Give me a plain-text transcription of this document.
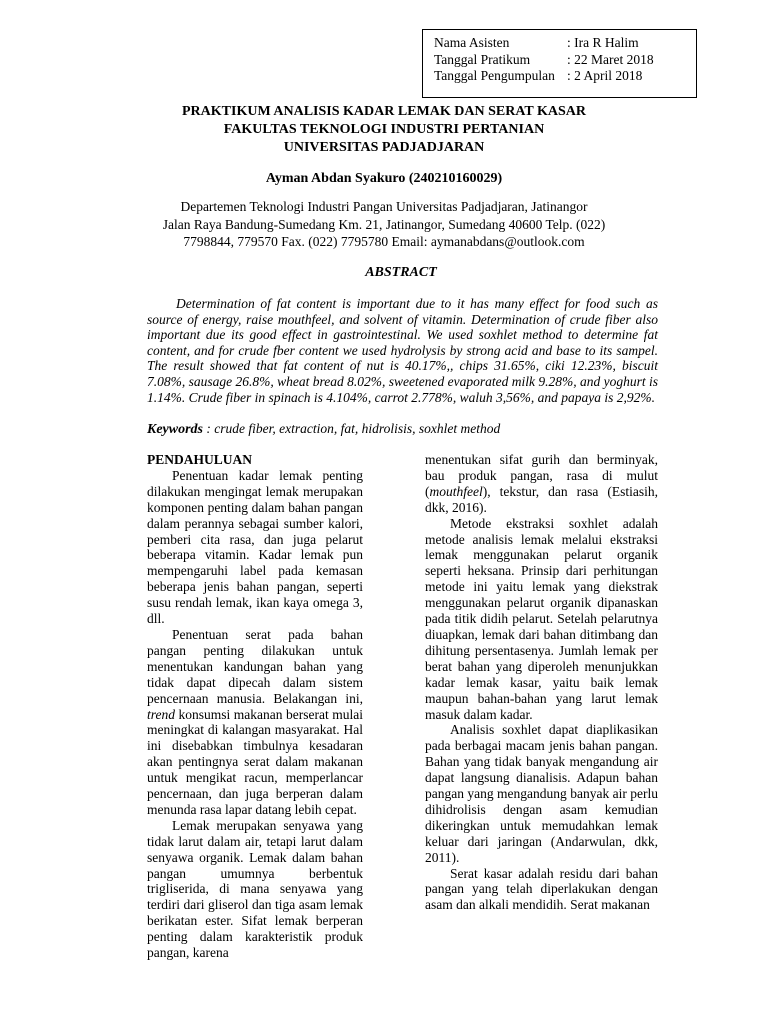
Nama Asisten	: Ira R Halim
Tanggal Pratikum	: 22 Maret 2018
Tanggal Pengumpulan : 2 April 2018
PRAKTIKUM ANALISIS KADAR LEMAK DAN SERAT KASAR
FAKULTAS TEKNOLOGI INDUSTRI PERTANIAN
UNIVERSITAS PADJADJARAN
Ayman Abdan Syakuro (240210160029)
Departemen Teknologi Industri Pangan Universitas Padjadjaran, Jatinangor
Jalan Raya Bandung-Sumedang Km. 21, Jatinangor, Sumedang 40600 Telp. (022)
7798844, 779570 Fax. (022) 7795780 Email: aymanabdans@outlook.com
ABSTRACT

Determination of fat content is important due to it has many effect for food such as source of energy, raise mouthfeel, and solvent of vitamin. Determination of crude fiber also important due its good effect in gastrointestinal. We used soxhlet method to determine fat content, and for crude fber content we used hydrolysis by strong acid and base to its sampel. The result showed that fat content of nut is 40.17%,, chips 31.65%, ciki 12.23%, biscuit 7.08%, sausage 26.8%, wheat bread 8.02%, sweetened evaporated milk 9.28%, and yoghurt is 1.14%. Crude fiber in spinach is 4.104%, carrot 2.778%, waluh 3,56%, and papaya is 2,92%.

Keywords : crude fiber, extraction, fat, hidrolisis, soxhlet method

PENDAHULUAN

Penentuan kadar lemak penting dilakukan mengingat lemak merupakan komponen penting dalam bahan pangan dalam perannya sebagai sumber kalori, pemberi cita rasa, dan juga pelarut beberapa vitamin. Kadar lemak pun mempengaruhi label pada kemasan beberapa jenis bahan pangan, seperti susu rendah lemak, ikan kaya omega 3, dll.

Penentuan serat pada bahan pangan penting dilakukan untuk menentukan kandungan bahan yang tidak dapat dipecah dalam sistem pencernaan manusia. Belakangan ini, trend konsumsi makanan berserat mulai meningkat di kalangan masyarakat. Hal ini disebabkan timbulnya kesadaran akan pentingnya serat dalam makanan untuk mengikat racun, memperlancar pencernaan, dan juga berperan dalam menunda rasa lapar datang lebih cepat.

Lemak merupakan senyawa yang tidak larut dalam air, tetapi larut dalam senyawa organik. Lemak dalam bahan pangan umumnya berbentuk trigliserida, di mana senyawa yang terdiri dari gliserol dan tiga asam lemak berikatan ester. Sifat lemak berperan penting dalam karakteristik produk pangan, karena

menentukan sifat gurih dan berminyak, bau produk pangan, rasa di mulut (mouthfeel), tekstur, dan rasa (Estiasih, dkk, 2016).

Metode ekstraksi soxhlet adalah metode analisis lemak melalui ekstraksi lemak menggunakan pelarut organik seperti heksana. Prinsip dari perhitungan metode ini yaitu lemak yang diekstrak menggunakan pelarut organik dipanaskan pada titik didih pelarut. Setelah pelarutnya diuapkan, lemak dari bahan ditimbang dan dihitung persentasenya. Jumlah lemak per berat bahan yang diperoleh menunjukkan kadar lemak kasar, yaitu baik lemak maupun bahan-bahan yang larut lemak masuk dalam kadar.

Analisis soxhlet dapat diaplikasikan pada berbagai macam jenis bahan pangan. Bahan yang tidak banyak mengandung air dapat langsung dianalisis. Adapun bahan pangan yang mengandung banyak air perlu dihidrolisis dengan asam kemudian dikeringkan untuk memudahkan lemak keluar dari jaringan (Andarwulan, dkk, 2011).

Serat kasar adalah residu dari bahan pangan yang telah diperlakukan dengan asam dan alkali mendidih. Serat makanan
